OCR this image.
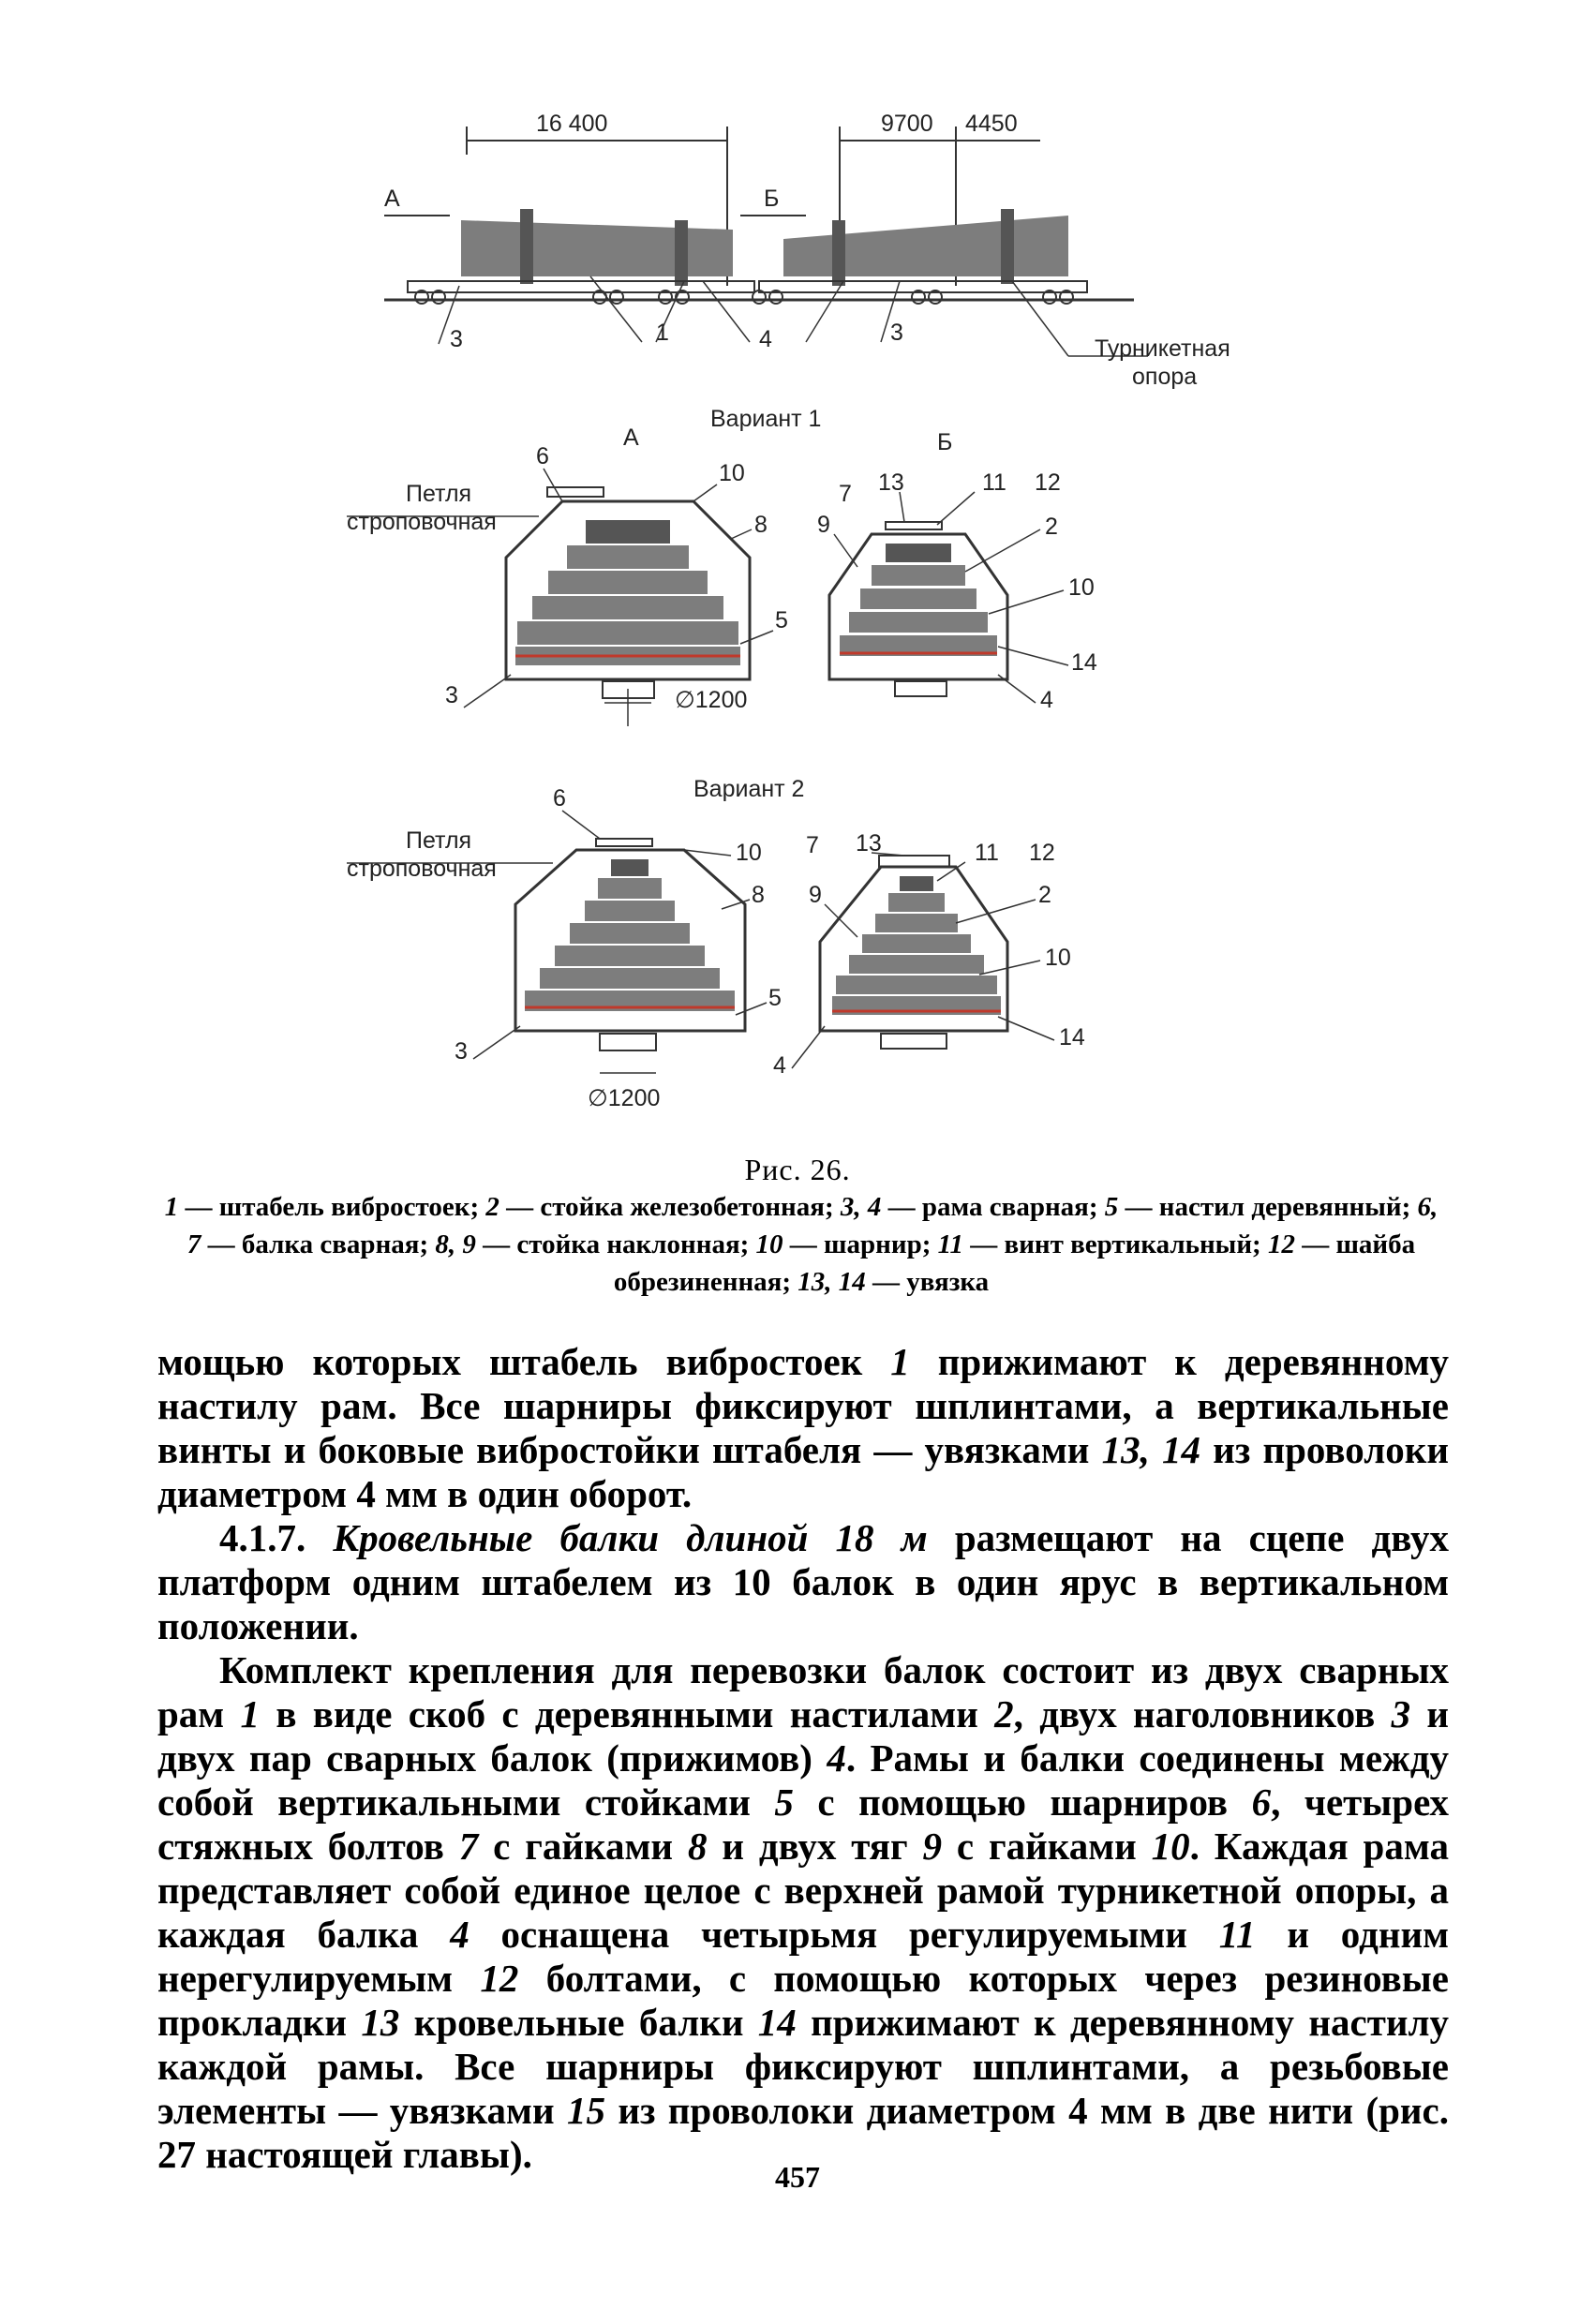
16 400	9700 4450
А	Б
3	1	4	3
Турникетная
опора
Вариант 1
А	Б
Петля
строповочная
6
10
8
5
3	∅1200
7 13	11 12
9	2
10
14
4
Вариант 2
Петля
строповочная
6
10
8
5
3
∅1200
7 13	11 12
9	2
10
14
4
Рис. 26.
1 — штабель вибростоек; 2 — стойка железобетонная; 3, 4 — рама сварная; 5 — настил деревянный; 6, 7 — балка сварная; 8, 9 — стойка наклонная; 10 — шарнир; 11 — винт вертикальный; 12 — шайба обрезиненная; 13, 14 — увязка

мощью которых штабель вибростоек 1 прижимают к деревянному настилу рам. Все шарниры фиксируют шплинтами, а вертикальные винты и боковые вибростойки штабеля — увязками 13, 14 из проволоки диаметром 4 мм в один оборот.

4.1.7. Кровельные балки длиной 18 м размещают на сцепе двух платформ одним штабелем из 10 балок в один ярус в вертикальном положении.

Комплект крепления для перевозки балок состоит из двух сварных рам 1 в виде скоб с деревянными настилами 2, двух наголовников 3 и двух пар сварных балок (прижимов) 4. Рамы и балки соединены между собой вертикальными стойками 5 с помощью шарниров 6, четырех стяжных болтов 7 с гайками 8 и двух тяг 9 с гайками 10. Каждая рама представляет собой единое целое с верхней рамой турникетной опоры, а каждая балка 4 оснащена четырьмя регулируемыми 11 и одним нерегулируемым 12 болтами, с помощью которых через резиновые прокладки 13 кровельные балки 14 прижимают к деревянному настилу каждой рамы. Все шарниры фиксируют шплинтами, а резьбовые элементы — увязками 15 из проволоки диаметром 4 мм в две нити (рис. 27 настоящей главы).

457
